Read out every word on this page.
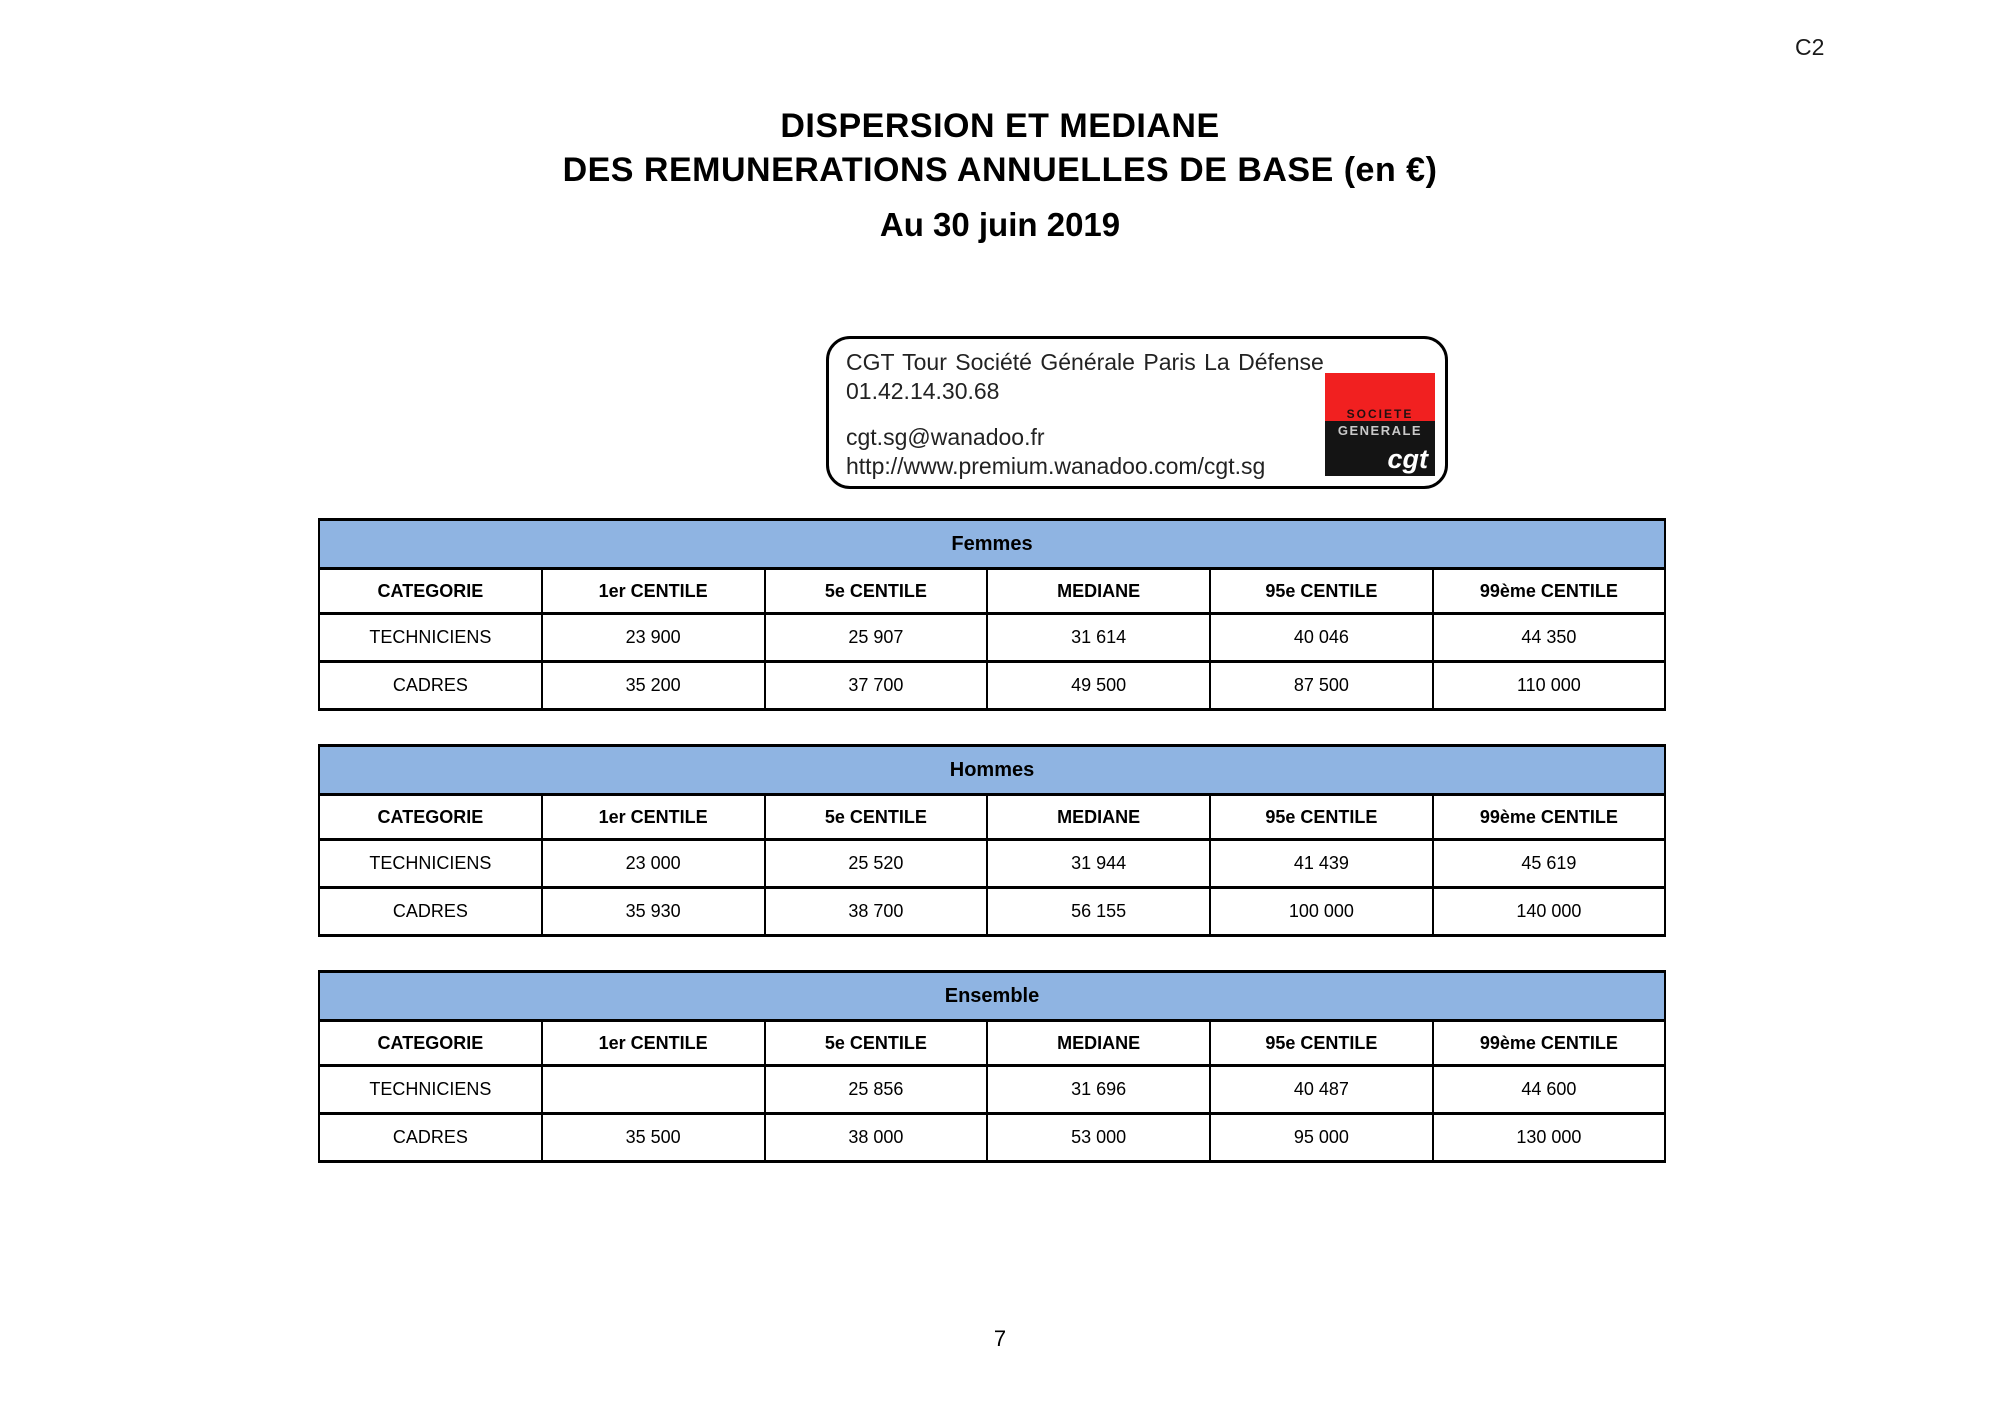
C2
DISPERSION ET MEDIANE
DES REMUNERATIONS ANNUELLES DE BASE (en €)
Au 30 juin 2019
CGT Tour Société Générale Paris La Défense
01.42.14.30.68
cgt.sg@wanadoo.fr
http://www.premium.wanadoo.com/cgt.sg
SOCIETE
GENERALE
cgt
Femmes					
CATEGORIE	1er CENTILE	5e CENTILE	MEDIANE	95e CENTILE	99ème CENTILE
TECHNICIENS	23 900	25 907	31 614	40 046	44 350
CADRES	35 200	37 700	49 500	87 500	110 000
Hommes					
CATEGORIE	1er CENTILE	5e CENTILE	MEDIANE	95e CENTILE	99ème CENTILE
TECHNICIENS	23 000	25 520	31 944	41 439	45 619
CADRES	35 930	38 700	56 155	100 000	140 000
Ensemble					
CATEGORIE	1er CENTILE	5e CENTILE	MEDIANE	95e CENTILE	99ème CENTILE
TECHNICIENS		25 856	31 696	40 487	44 600
CADRES	35 500	38 000	53 000	95 000	130 000
7
